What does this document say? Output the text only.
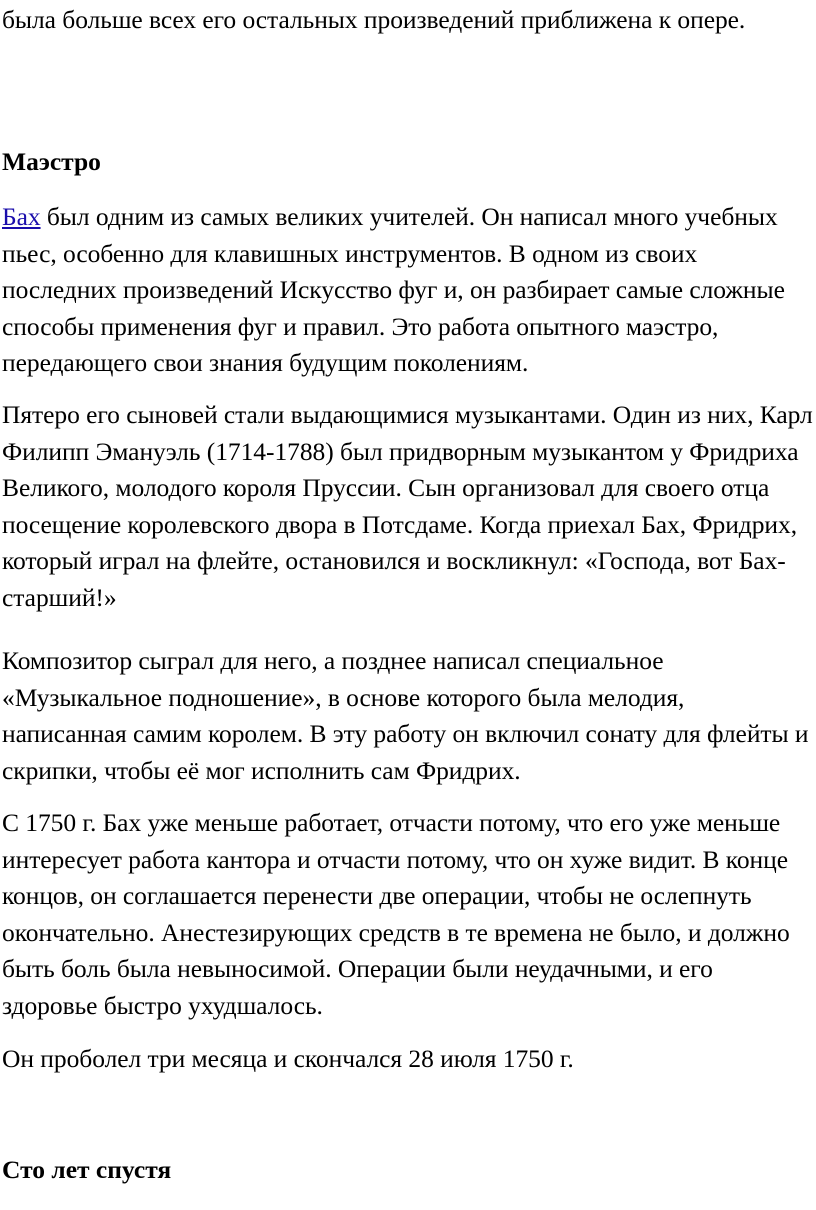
была больше всех его остальных произведений приближена к опере.

Маэстро

Бах был одним из самых великих учителей. Он написал много учебных пьес, особенно для клавишных инструментов. В одном из своих последних произведений Искусство фуг и, он разбирает самые сложные способы применения фуг и правил. Это работа опытного маэстро, передающего свои знания будущим поколениям.

Пятеро его сыновей стали выдающимися музыкантами. Один из них, Карл Филипп Эмануэль (1714-1788) был придворным музыкантом у Фридриха Великого, молодого короля Пруссии. Сын организовал для своего отца посещение королевского двора в Потсдаме. Когда приехал Бах, Фридрих, который играл на флейте, остановился и воскликнул: «Господа, вот Бах-старший!»

Композитор сыграл для него, а позднее написал специальное «Музыкальное подношение», в основе которого была мелодия, написанная самим королем. В эту работу он включил сонату для флейты и скрипки, чтобы её мог исполнить сам Фридрих.

С 1750 г. Бах уже меньше работает, отчасти потому, что его уже меньше интересует работа кантора и отчасти потому, что он хуже видит. В конце концов, он соглашается перенести две операции, чтобы не ослепнуть окончательно. Анестезирующих средств в те времена не было, и должно быть боль была невыносимой. Операции были неудачными, и его здоровье быстро ухудшалось.

Он проболел три месяца и скончался 28 июля 1750 г.

Сто лет спустя
